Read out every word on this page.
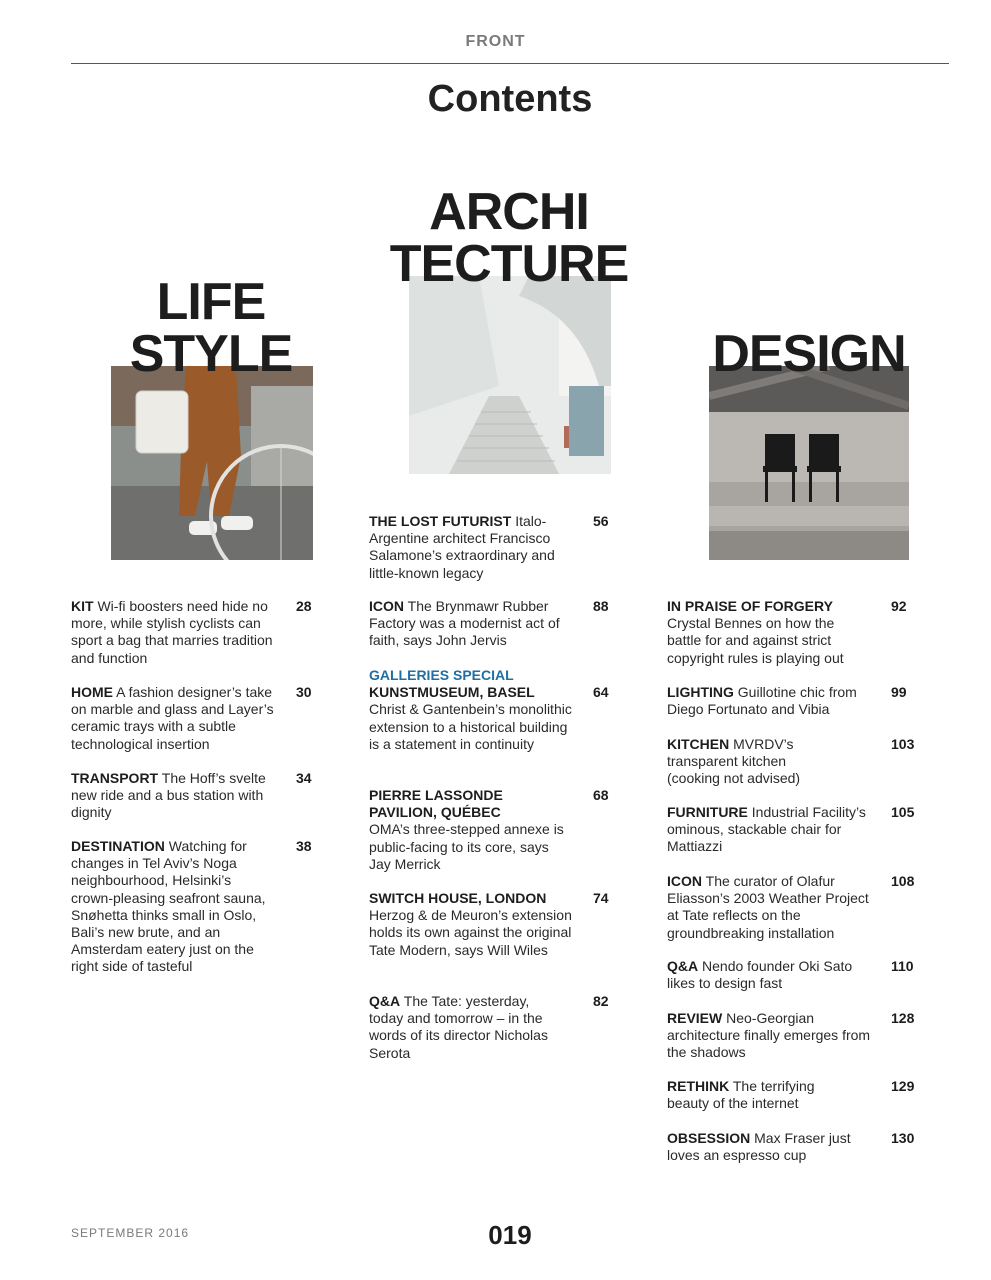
FRONT
Contents
LIFE
STYLE
ARCHI
TECTURE
DESIGN
KIT Wi-fi boosters need hide no more, while stylish cyclists can sport a bag that marries tradition and function
28
HOME A fashion designer’s take on marble and glass and Layer’s ceramic trays with a subtle technological insertion
30
TRANSPORT The Hoff’s svelte new ride and a bus station with dignity
34
DESTINATION Watching for changes in Tel Aviv’s Noga neighbourhood, Helsinki’s crown-pleasing seafront sauna, Snøhetta thinks small in Oslo, Bali’s new brute, and an Amsterdam eatery just on the right side of tasteful
38
THE LOST FUTURIST Italo-Argentine architect Francisco Salamone’s extraordinary and little-known legacy
56
ICON The Brynmawr Rubber Factory was a modernist act of faith, says John Jervis
88
GALLERIES SPECIAL
KUNSTMUSEUM, BASEL
Christ & Gantenbein’s monolithic extension to a historical building is a statement in continuity
64
PIERRE LASSONDE PAVILION, QUÉBEC
OMA’s three-stepped annexe is public-facing to its core, says Jay Merrick
68
SWITCH HOUSE, LONDON
Herzog & de Meuron’s extension holds its own against the original Tate Modern, says Will Wiles
74
Q&A The Tate: yesterday, today and tomorrow – in the words of its director Nicholas Serota
82
IN PRAISE OF FORGERY
Crystal Bennes on how the battle for and against strict copyright rules is playing out
92
LIGHTING Guillotine chic from Diego Fortunato and Vibia
99
KITCHEN MVRDV’s transparent kitchen (cooking not advised)
103
FURNITURE Industrial Facility’s ominous, stackable chair for Mattiazzi
105
ICON The curator of Olafur Eliasson’s 2003 Weather Project at Tate reflects on the groundbreaking installation
108
Q&A Nendo founder Oki Sato likes to design fast
110
REVIEW Neo-Georgian architecture finally emerges from the shadows
128
RETHINK The terrifying beauty of the internet
129
OBSESSION Max Fraser just loves an espresso cup
130
SEPTEMBER 2016	019
